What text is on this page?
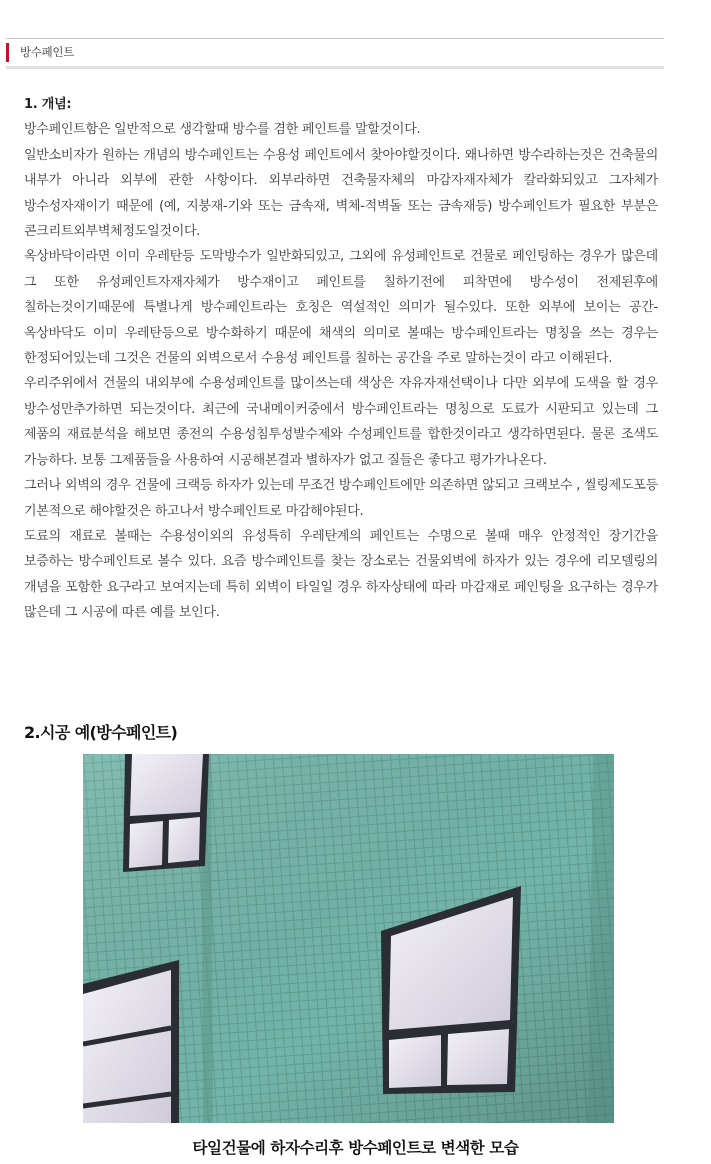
방수페인트

1. 개념:

방수페인트함은 일반적으로 생각할때 방수를 겸한 페인트를 말할것이다.

일반소비자가 원하는 개념의 방수페인트는 수용성 페인트에서 찾아야할것이다. 왜나하면 방수라하는것은 건축물의 내부가 아니라 외부에 관한 사항이다. 외부라하면 건축물자체의 마감자재자체가 칼라화되있고 그자체가 방수성자재이기 때문에 (예, 지붕재-기와 또는 금속재, 벽체-적벽돌 또는 금속재등) 방수페인트가 필요한 부분은 콘크리트외부벽체정도일것이다.

옥상바닥이라면 이미 우레탄등 도막방수가 일반화되있고, 그외에 유성페인트로 건물로 페인팅하는 경우가 많은데 그 또한 유성페인트자재자체가 방수재이고 페인트를 칠하기전에 피착면에 방수성이 전제된후에 칠하는것이기때문에 특별나게 방수페인트라는 호칭은 역설적인 의미가 될수있다. 또한 외부에 보이는 공간-옥상바닥도 이미 우레탄등으로 방수화하기 때문에 채색의 의미로 볼때는 방수페인트라는 명칭을 쓰는 경우는 한정되어있는데 그것은 건물의 외벽으로서 수용성 페인트를 칠하는 공간을 주로 말하는것이 라고 이해된다.

우리주위에서 건물의 내외부에 수용성페인트를 많이쓰는데 색상은 자유자재선택이나 다만 외부에 도색을 할 경우 방수성만추가하면 되는것이다. 최근에 국내메이커중에서 방수페인트라는 명칭으로 도료가 시판되고 있는데 그 제품의 재료분석을 해보면 종전의 수용성침투성발수제와 수성페인트를 합한것이라고 생각하면된다. 물론 조색도 가능하다. 보통 그제품들을 사용하여 시공해본결과 별하자가 없고 질들은 좋다고 평가가나온다.

그러나 외벽의 경우 건물에 크랙등 하자가 있는데 무조건 방수페인트에만 의존하면 않되고 크랙보수 , 씰링제도포등 기본적으로 해야할것은 하고나서 방수페인트로 마감해야된다.

도료의 재료로 볼때는 수용성이외의 유성특히 우레탄계의 페인트는 수명으로 볼때 매우 안정적인 장기간을 보증하는 방수페인트로 볼수 있다. 요즘 방수페인트를 찾는 장소로는 건물외벽에 하자가 있는 경우에 리모델링의 개념을 포함한 요구라고 보여지는데 특히 외벽이 타일일 경우 하자상태에 따라 마감재로 페인팅을 요구하는 경우가 많은데 그 시공에 따른 예를 보인다.

2.시공 예(방수페인트)
타일건물에 하자수리후 방수페인트로 변색한 모습
